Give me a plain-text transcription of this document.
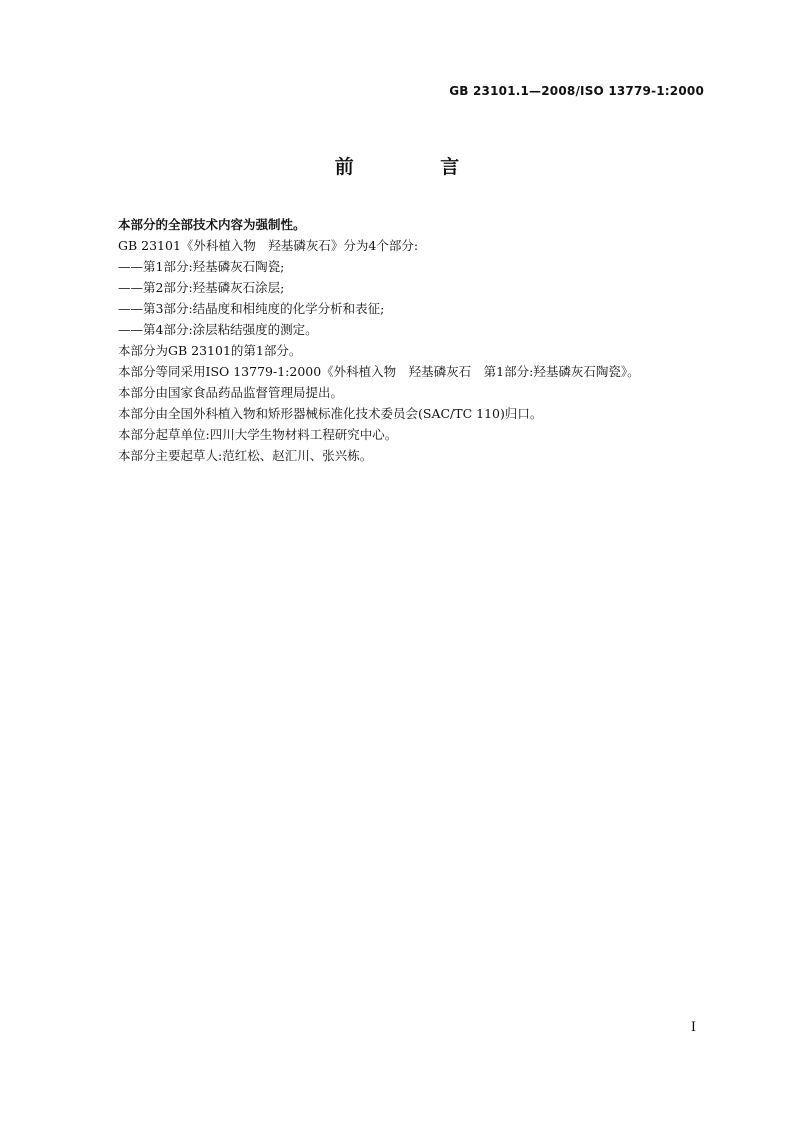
GB 23101.1—2008/ISO 13779-1:2000
前 言
本部分的全部技术内容为强制性。
GB 23101《外科植入物　羟基磷灰石》分为4个部分:
——第1部分:羟基磷灰石陶瓷;
——第2部分:羟基磷灰石涂层;
——第3部分:结晶度和相纯度的化学分析和表征;
——第4部分:涂层粘结强度的测定。
本部分为GB 23101的第1部分。
本部分等同采用ISO 13779-1:2000《外科植入物　羟基磷灰石　第1部分:羟基磷灰石陶瓷》。
本部分由国家食品药品监督管理局提出。
本部分由全国外科植入物和矫形器械标准化技术委员会(SAC/TC 110)归口。
本部分起草单位:四川大学生物材料工程研究中心。
本部分主要起草人:范红松、赵汇川、张兴栋。
I
